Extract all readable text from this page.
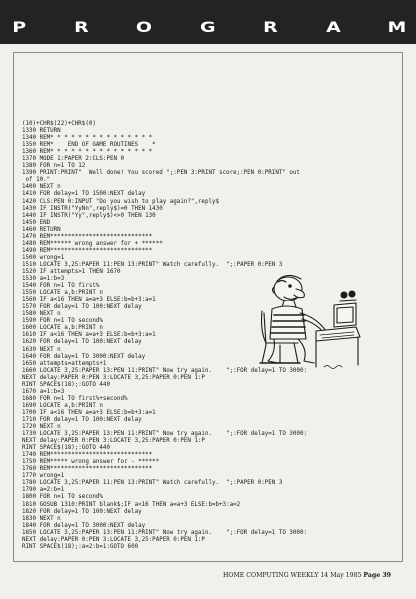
P	R	O	G	R	A	M
(10)+CHR$(22)+CHR$(0)
1330 RETURN
1340 REM* * * * * * * * * * * * * * *
1350 REM*    END OF GAME ROUTINES    *
1360 REM* * * * * * * * * * * * * * *
1370 MODE 1:PAPER 2:CLS:PEN 0
1380 FOR n=1 TO 12
1390 PRINT:PRINT"  Well done! You scored ";:PEN 3:PRINT score;:PEN 0:PRINT" out
of 10."
1400 NEXT n
1410 FOR delay=1 TO 1500:NEXT delay
1420 CLS:PEN 0:INPUT "Do you wish to play again?",reply$
1430 IF INSTR("YyNn",reply$)=0 THEN 1430
1440 IF INSTR("Yy",reply$)<>0 THEN 130
1450 END
1460 RETURN
1470 REM*****************************
1480 REM****** wrong answer for + ******
1490 REM*****************************
1500 wrong=1
1510 LOCATE 3,25:PAPER 11:PEN 13:PRINT" Watch carefully.  ";:PAPER 0:PEN 3
1520 IF attempts>1 THEN 1670
1530 a=1:b=3
1540 FOR n=1 TO first%
1550 LOCATE a,b:PRINT n
1560 IF a<16 THEN a=a+3 ELSE:b=b+3:a=1
1570 FOR delay=1 TO 100:NEXT delay
1580 NEXT n
1590 FOR n=1 TO second%
1600 LOCATE a,b:PRINT n
1610 IF a<16 THEN a=a+3 ELSE:b=b+3:a=1
1620 FOR delay=1 TO 100:NEXT delay
1630 NEXT n
1640 FOR delay=1 TO 3000:NEXT delay
1650 attempts=attempts+1
1660 LOCATE 3,25:PAPER 13:PEN 11:PRINT" Now try again.    ";:FOR delay=1 TO 3000:
NEXT delay:PAPER 0:PEN 3:LOCATE 3,25:PAPER 0:PEN 1:P
RINT SPACE$(18);:GOTO 440
1670 a=1:b=3
1680 FOR n=1 TO first%+second%
1690 LOCATE a,b:PRINT n
1700 IF a<16 THEN a=a+3 ELSE:b=b+3:a=1
1710 FOR delay=1 TO 100:NEXT delay
1720 NEXT n
1730 LOCATE 3,25:PAPER 13:PEN 11:PRINT" Now try again.    ";:FOR delay=1 TO 3000:
NEXT delay:PAPER 0:PEN 3:LOCATE 3,25:PAPER 0:PEN 1:P
RINT SPACE$(18);:GOTO 440
1740 REM*****************************
1750 REM***** wrong answer for - ******
1760 REM*****************************
1770 wrong=1
1780 LOCATE 3,25:PAPER 11:PEN 13:PRINT" Watch carefully.  ";:PAPER 0:PEN 3
1790 a=2:b=1
1800 FOR n=1 TO second%
1810 GOSUB 1310:PRINT blank$;IF a<16 THEN a=a+3 ELSE:b=b+3:a=2
1820 FOR delay=1 TO 100:NEXT delay
1830 NEXT n
1840 FOR delay=1 TO 3000:NEXT delay
1850 LOCATE 3,25:PAPER 13:PEN 11:PRINT" Now try again.    ";:FOR delay=1 TO 3000:
NEXT delay:PAPER 0:PEN 3:LOCATE 3,25:PAPER 0:PEN 1:P
RINT SPACE$(18);:a=2:b=1:GOTO 600
HOME COMPUTING WEEKLY 14 May 1985 Page 39
